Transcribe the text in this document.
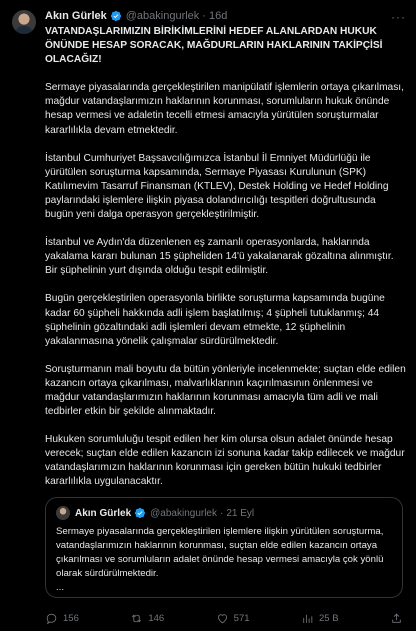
Akın Gürlek @abakingurlek · 16d	···

VATANDAŞLARIMIZIN BİRİKİMLERİNİ HEDEF ALANLARDAN HUKUK ÖNÜNDE HESAP SORACAK, MAĞDURLARIN HAKLARININ TAKİPÇİSİ OLACAĞIZ!

Sermaye piyasalarında gerçekleştirilen manipülatif işlemlerin ortaya çıkarılması, mağdur vatandaşlarımızın haklarının korunması, sorumluların hukuk önünde hesap vermesi ve adaletin tecelli etmesi amacıyla yürütülen soruşturmalar kararlılıkla devam etmektedir.

İstanbul Cumhuriyet Başsavcılığımızca İstanbul İl Emniyet Müdürlüğü ile yürütülen soruşturma kapsamında, Sermaye Piyasası Kurulunun (SPK) Katılımevim Tasarruf Finansman (KTLEV), Destek Holding ve Hedef Holding paylarındaki işlemlere ilişkin piyasa dolandırıcılığı tespitleri doğrultusunda bugün yeni dalga operasyon gerçekleştirilmiştir.

İstanbul ve Aydın'da düzenlenen eş zamanlı operasyonlarda, haklarında yakalama kararı bulunan 15 şüpheliden 14'ü yakalanarak gözaltına alınmıştır. Bir şüphelinin yurt dışında olduğu tespit edilmiştir.

Bugün gerçekleştirilen operasyonla birlikte soruşturma kapsamında bugüne kadar 60 şüpheli hakkında adli işlem başlatılmış; 4 şüpheli tutuklanmış; 44 şüphelinin gözaltındaki adli işlemleri devam etmekte, 12 şüphelinin yakalanmasına yönelik çalışmalar sürdürülmektedir.

Soruşturmanın mali boyutu da bütün yönleriyle incelenmekte; suçtan elde edilen kazancın ortaya çıkarılması, malvarlıklarının kaçırılmasının önlenmesi ve mağdur vatandaşlarımızın haklarının korunması amacıyla tüm adli ve mali tedbirler etkin bir şekilde alınmaktadır.

Hukuken sorumluluğu tespit edilen her kim olursa olsun adalet önünde hesap verecek; suçtan elde edilen kazancın izi sonuna kadar takip edilecek ve mağdur vatandaşlarımızın haklarının korunması için gereken bütün hukuki tedbirler kararlılıkla uygulanacaktır.

Akın Gürlek @abakingurlek · 21 Eyl
Sermaye piyasalarında gerçekleştirilen işlemlere ilişkin yürütülen soruşturma, vatandaşlarımızın haklarının korunması, suçtan elde edilen kazancın ortaya çıkarılması ve sorumluların adalet önünde hesap vermesi amacıyla çok yönlü olarak sürdürülmektedir.
...
156	146	571	25 B
